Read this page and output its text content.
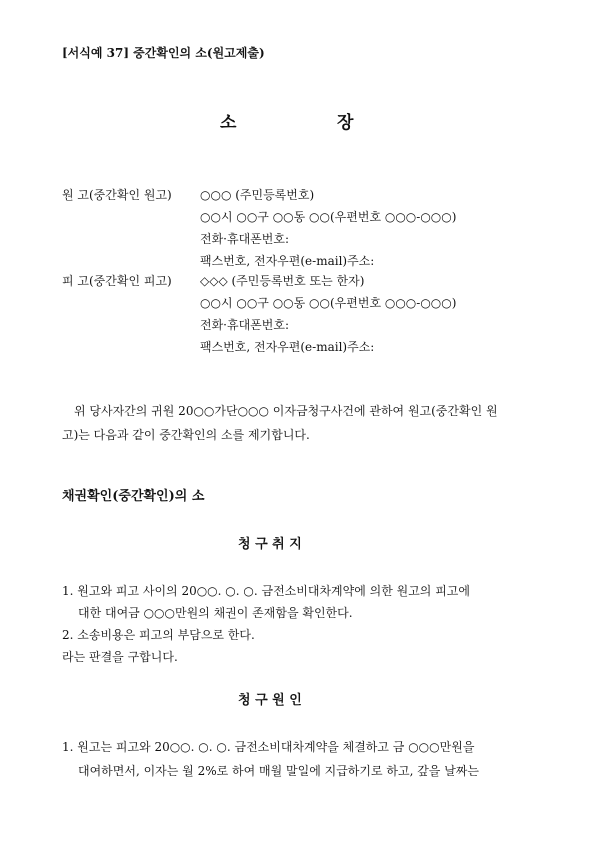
[서식예 37] 중간확인의 소(원고제출)
소	장
원 고(중간확인 원고) ○○○ (주민등록번호)
○○시 ○○구 ○○동 ○○(우편번호 ○○○-○○○)
전화·휴대폰번호:
팩스번호, 전자우편(e-mail)주소:
피 고(중간확인 피고) ◇◇◇ (주민등록번호 또는 한자)
○○시 ○○구 ○○동 ○○(우편번호 ○○○-○○○)
전화·휴대폰번호:
팩스번호, 전자우편(e-mail)주소:
위 당사자간의 귀원 20○○가단○○○ 이자금청구사건에 관하여 원고(중간확인 원
고)는 다음과 같이 중간확인의 소를 제기합니다.
채권확인(중간확인)의 소
청 구 취 지
1. 원고와 피고 사이의 20○○. ○. ○. 금전소비대차계약에 의한 원고의 피고에
대한 대여금 ○○○만원의 채권이 존재함을 확인한다.
2. 소송비용은 피고의 부담으로 한다.
라는 판결을 구합니다.
청 구 원 인
1. 원고는 피고와 20○○. ○. ○. 금전소비대차계약을 체결하고 금 ○○○만원을
대여하면서, 이자는 월 2%로 하여 매월 말일에 지급하기로 하고, 갚을 날짜는
